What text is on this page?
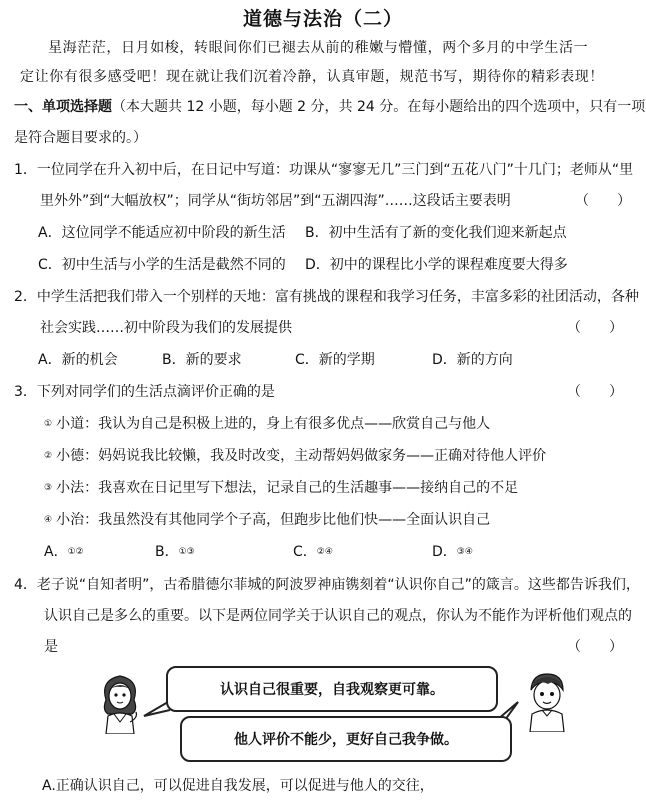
道德与法治（二）
星海茫茫，日月如梭，转眼间你们已褪去从前的稚嫩与懵懂，两个多月的中学生活一
定让你有很多感受吧！现在就让我们沉着冷静，认真审题，规范书写，期待你的精彩表现！
一、单项选择题（本大题共 12 小题，每小题 2 分，共 24 分。在每小题给出的四个选项中，只有一项
是符合题目要求的。）
1．一位同学在升入初中后，在日记中写道：功课从“寥寥无几”三门到“五花八门”十几门；老师从“里
里外外”到“大幅放权”；同学从“街坊邻居”到“五湖四海”……这段话主要表明	（　　）
A．这位同学不能适应初中阶段的新生活 B．初中生活有了新的变化我们迎来新起点
C．初中生活与小学的生活是截然不同的 D．初中的课程比小学的课程难度要大得多
2．中学生活把我们带入一个别样的天地：富有挑战的课程和我学习任务，丰富多彩的社团活动，各种
社会实践……初中阶段为我们的发展提供	（　　）
A．新的机会	B．新的要求	C．新的学期	D．新的方向
3．下列对同学们的生活点滴评价正确的是	（　　）
① 小道：我认为自己是积极上进的，身上有很多优点——欣赏自己与他人
② 小德：妈妈说我比较懒，我及时改变，主动帮妈妈做家务——正确对待他人评价
③ 小法：我喜欢在日记里写下想法，记录自己的生活趣事——接纳自己的不足
④ 小治：我虽然没有其他同学个子高，但跑步比他们快——全面认识自己
A．①②	B．①③	C．②④	D．③④
4．老子说“自知者明”，古希腊德尔菲城的阿波罗神庙镌刻着“认识你自己”的箴言。这些都告诉我们，
认识自己是多么的重要。以下是两位同学关于认识自己的观点，你认为不能作为评析他们观点的
是	（　　）
认识自己很重要，自我观察更可靠。
他人评价不能少，更好自己我争做。
A.正确认识自己，可以促进自我发展，可以促进与他人的交往，
